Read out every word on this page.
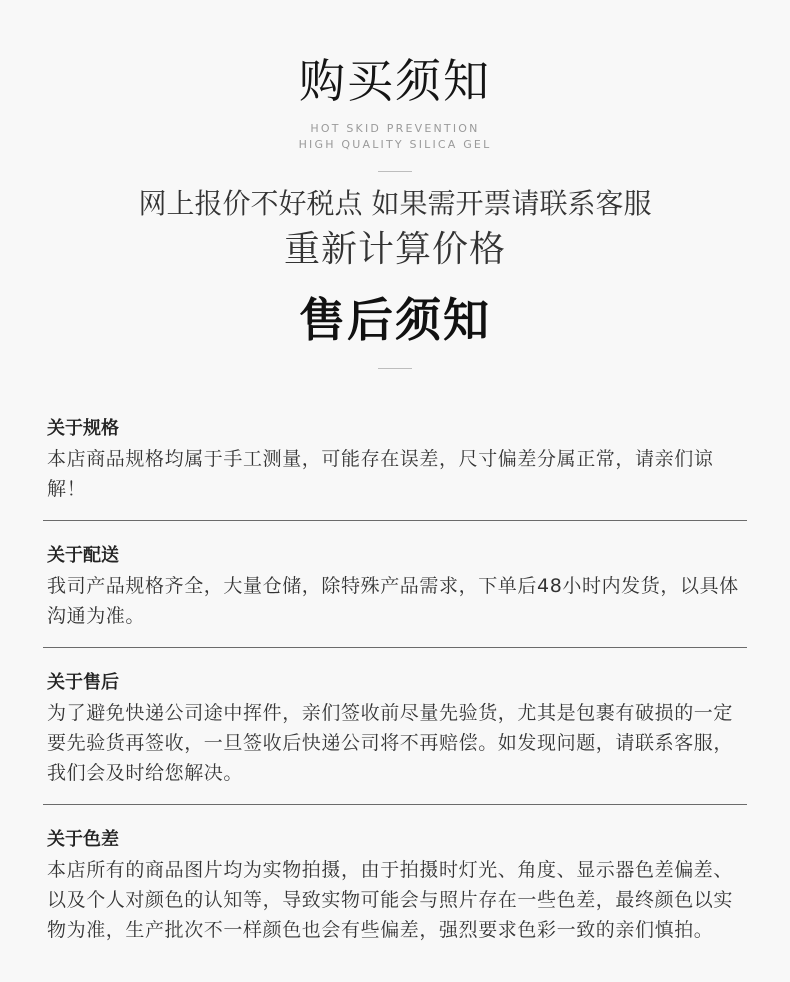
购买须知
HOT SKID PREVENTION
HIGH QUALITY SILICA GEL
网上报价不好税点 如果需开票请联系客服
重新计算价格
售后须知
关于规格
本店商品规格均属于手工测量，可能存在误差，尺寸偏差分属正常，请亲们谅解！
关于配送
我司产品规格齐全，大量仓储，除特殊产品需求，下单后48小时内发货，以具体沟通为准。
关于售后
为了避免快递公司途中挥件，亲们签收前尽量先验货，尤其是包裹有破损的一定要先验货再签收，一旦签收后快递公司将不再赔偿。如发现问题，请联系客服，我们会及时给您解决。
关于色差
本店所有的商品图片均为实物拍摄，由于拍摄时灯光、角度、显示器色差偏差、以及个人对颜色的认知等，导致实物可能会与照片存在一些色差，最终颜色以实物为准，生产批次不一样颜色也会有些偏差，强烈要求色彩一致的亲们慎拍。
